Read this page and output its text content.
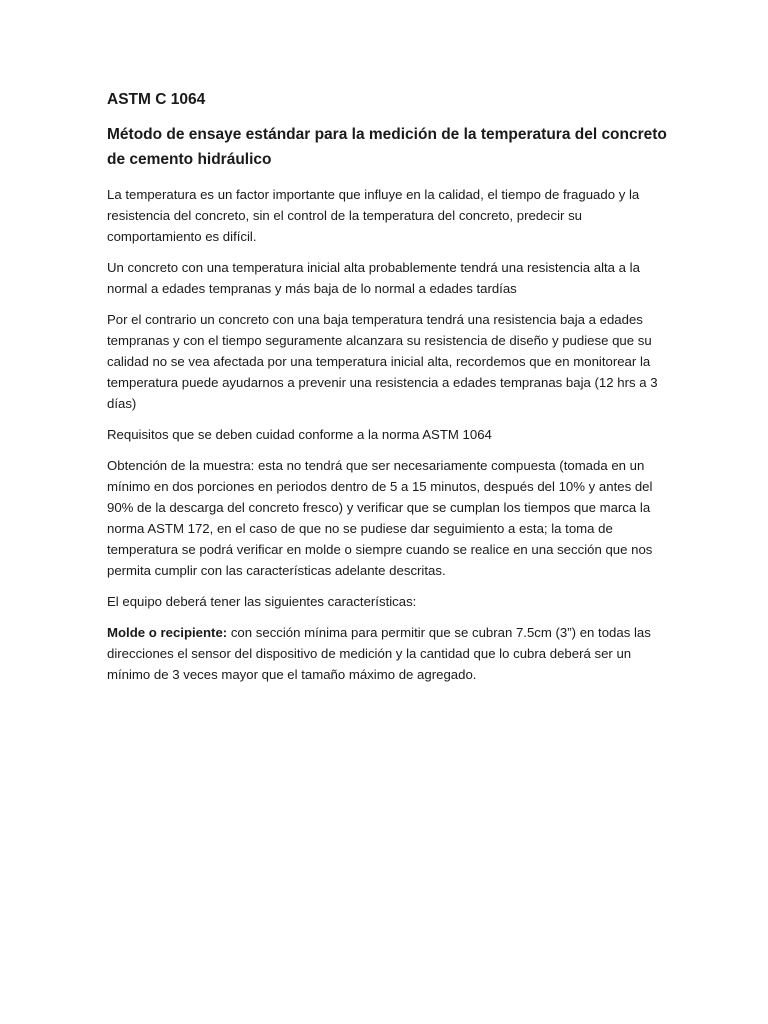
ASTM C 1064
Método de ensaye estándar para la medición de la temperatura del concreto de cemento hidráulico

La temperatura es un factor importante que influye en la calidad, el tiempo de fraguado y la resistencia del concreto, sin el control de la temperatura del concreto, predecir su comportamiento es difícil.

Un concreto con una temperatura inicial alta probablemente tendrá una resistencia alta a la normal a edades tempranas y más baja de lo normal a edades tardías

Por el contrario un concreto con una baja temperatura tendrá una resistencia baja a edades tempranas y con el tiempo seguramente alcanzara su resistencia de diseño y pudiese que su calidad no se vea afectada por una temperatura inicial alta, recordemos que en monitorear la temperatura puede ayudarnos a prevenir una resistencia a edades tempranas baja (12 hrs a 3 días)

Requisitos que se deben cuidad conforme a la norma ASTM 1064

Obtención de la muestra: esta no tendrá que ser necesariamente compuesta (tomada en un mínimo en dos porciones en periodos dentro de 5 a 15 minutos, después del 10% y antes del 90% de la descarga del concreto fresco) y verificar que se cumplan los tiempos que marca la norma ASTM 172, en el caso de que no se pudiese dar seguimiento a esta; la toma de temperatura se podrá verificar en molde o siempre cuando se realice en una sección que nos permita cumplir con las características adelante descritas.

El equipo deberá tener las siguientes características:

Molde o recipiente: con sección mínima para permitir que se cubran 7.5cm (3”) en todas las direcciones el sensor del dispositivo de medición y la cantidad que lo cubra deberá ser un mínimo de 3 veces mayor que el tamaño máximo de agregado.
